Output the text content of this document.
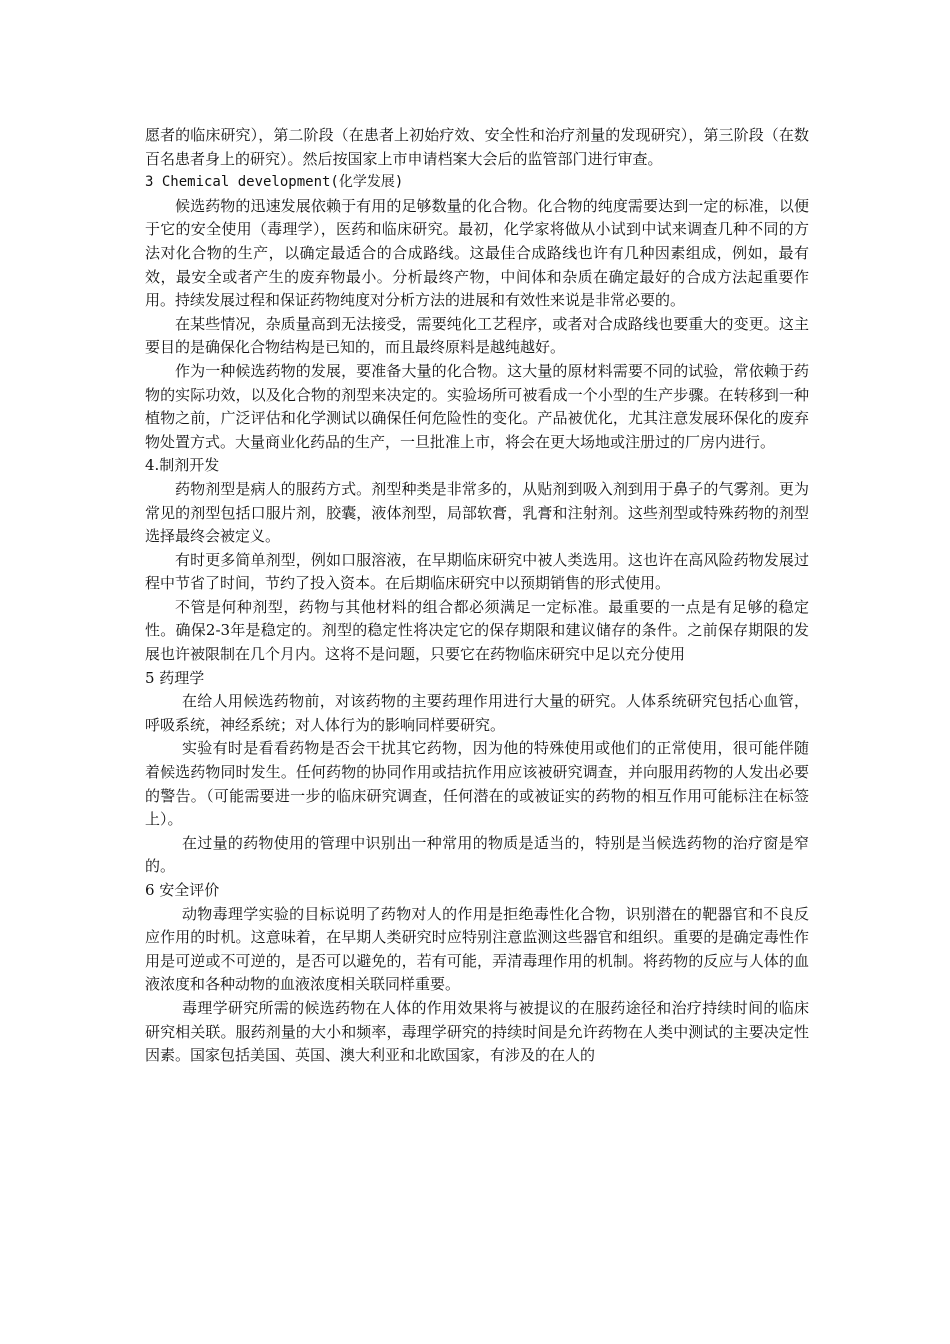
愿者的临床研究），第二阶段（在患者上初始疗效、安全性和治疗剂量的发现研究），第三阶段（在数百名患者身上的研究）。然后按国家上市申请档案大会后的监管部门进行审查。

3 Chemical development(化学发展)

候选药物的迅速发展依赖于有用的足够数量的化合物。化合物的纯度需要达到一定的标准，以便于它的安全使用（毒理学），医药和临床研究。最初，化学家将做从小试到中试来调查几种不同的方法对化合物的生产，以确定最适合的合成路线。这最佳合成路线也许有几种因素组成，例如，最有效，最安全或者产生的废弃物最小。分析最终产物，中间体和杂质在确定最好的合成方法起重要作用。持续发展过程和保证药物纯度对分析方法的进展和有效性来说是非常必要的。

在某些情况，杂质量高到无法接受，需要纯化工艺程序，或者对合成路线也要重大的变更。这主要目的是确保化合物结构是已知的，而且最终原料是越纯越好。

作为一种候选药物的发展，要准备大量的化合物。这大量的原材料需要不同的试验，常依赖于药物的实际功效，以及化合物的剂型来决定的。实验场所可被看成一个小型的生产步骤。在转移到一种植物之前，广泛评估和化学测试以确保任何危险性的变化。产品被优化，尤其注意发展环保化的废弃物处置方式。大量商业化药品的生产，一旦批准上市，将会在更大场地或注册过的厂房内进行。

4.制剂开发

药物剂型是病人的服药方式。剂型种类是非常多的，从贴剂到吸入剂到用于鼻子的气雾剂。更为常见的剂型包括口服片剂，胶囊，液体剂型，局部软膏，乳膏和注射剂。这些剂型或特殊药物的剂型选择最终会被定义。

有时更多简单剂型，例如口服溶液，在早期临床研究中被人类选用。这也许在高风险药物发展过程中节省了时间，节约了投入资本。在后期临床研究中以预期销售的形式使用。

不管是何种剂型，药物与其他材料的组合都必须满足一定标准。最重要的一点是有足够的稳定性。确保2-3年是稳定的。剂型的稳定性将决定它的保存期限和建议储存的条件。之前保存期限的发展也许被限制在几个月内。这将不是问题，只要它在药物临床研究中足以充分使用

5 药理学

在给人用候选药物前，对该药物的主要药理作用进行大量的研究。人体系统研究包括心血管，呼吸系统，神经系统；对人体行为的影响同样要研究。

实验有时是看看药物是否会干扰其它药物，因为他的特殊使用或他们的正常使用，很可能伴随着候选药物同时发生。任何药物的协同作用或拮抗作用应该被研究调查，并向服用药物的人发出必要的警告。（可能需要进一步的临床研究调查，任何潜在的或被证实的药物的相互作用可能标注在标签上）。

在过量的药物使用的管理中识别出一种常用的物质是适当的，特别是当候选药物的治疗窗是窄的。

6 安全评价

动物毒理学实验的目标说明了药物对人的作用是拒绝毒性化合物，识别潜在的靶器官和不良反应作用的时机。这意味着，在早期人类研究时应特别注意监测这些器官和组织。重要的是确定毒性作用是可逆或不可逆的，是否可以避免的，若有可能，弄清毒理作用的机制。将药物的反应与人体的血液浓度和各种动物的血液浓度相关联同样重要。

毒理学研究所需的候选药物在人体的作用效果将与被提议的在服药途径和治疗持续时间的临床研究相关联。服药剂量的大小和频率，毒理学研究的持续时间是允许药物在人类中测试的主要决定性因素。国家包括美国、英国、澳大利亚和北欧国家，有涉及的在人的
